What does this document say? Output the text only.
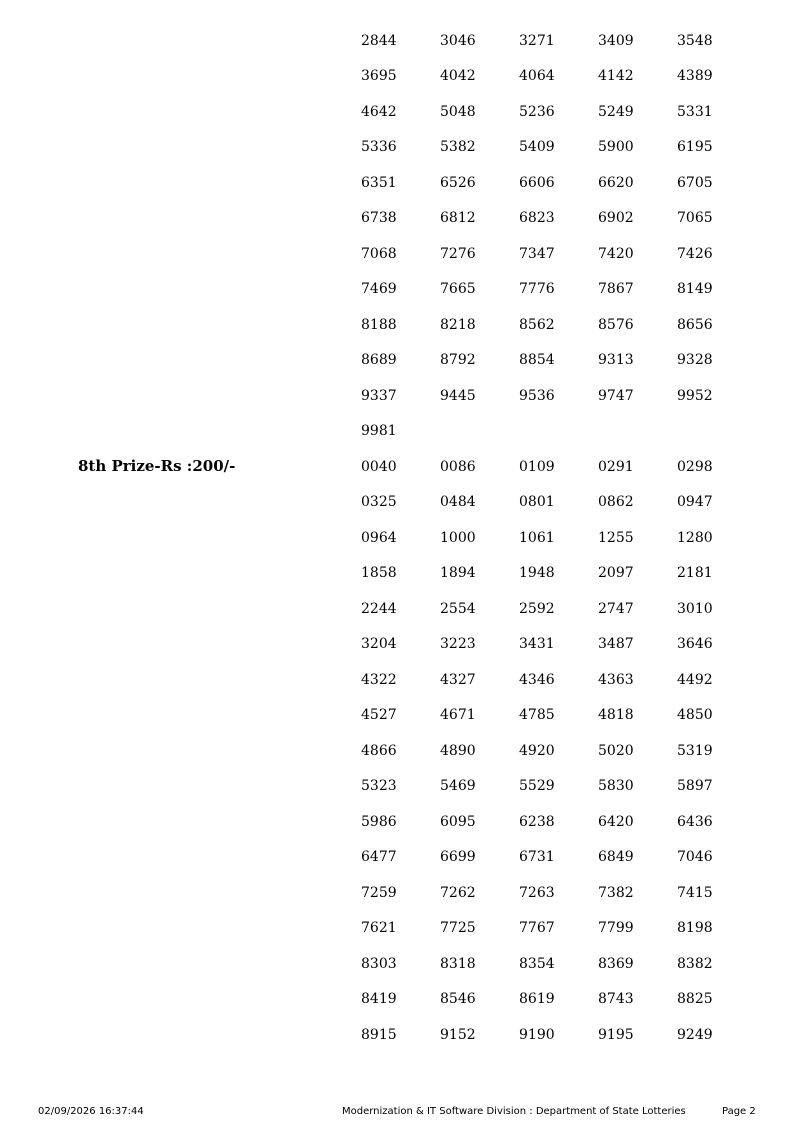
2844	3046	3271	3409	3548
3695	4042	4064	4142	4389
4642	5048	5236	5249	5331
5336	5382	5409	5900	6195
6351	6526	6606	6620	6705
6738	6812	6823	6902	7065
7068	7276	7347	7420	7426
7469	7665	7776	7867	8149
8188	8218	8562	8576	8656
8689	8792	8854	9313	9328
9337	9445	9536	9747	9952
9981
8th Prize-Rs :200/-	0040	0086	0109	0291	0298
0325	0484	0801	0862	0947
0964	1000	1061	1255	1280
1858	1894	1948	2097	2181
2244	2554	2592	2747	3010
3204	3223	3431	3487	3646
4322	4327	4346	4363	4492
4527	4671	4785	4818	4850
4866	4890	4920	5020	5319
5323	5469	5529	5830	5897
5986	6095	6238	6420	6436
6477	6699	6731	6849	7046
7259	7262	7263	7382	7415
7621	7725	7767	7799	8198
8303	8318	8354	8369	8382
8419	8546	8619	8743	8825
8915	9152	9190	9195	9249
02/09/2026 16:37:44	Modernization & IT Software Division : Department of State Lotteries	Page 2
